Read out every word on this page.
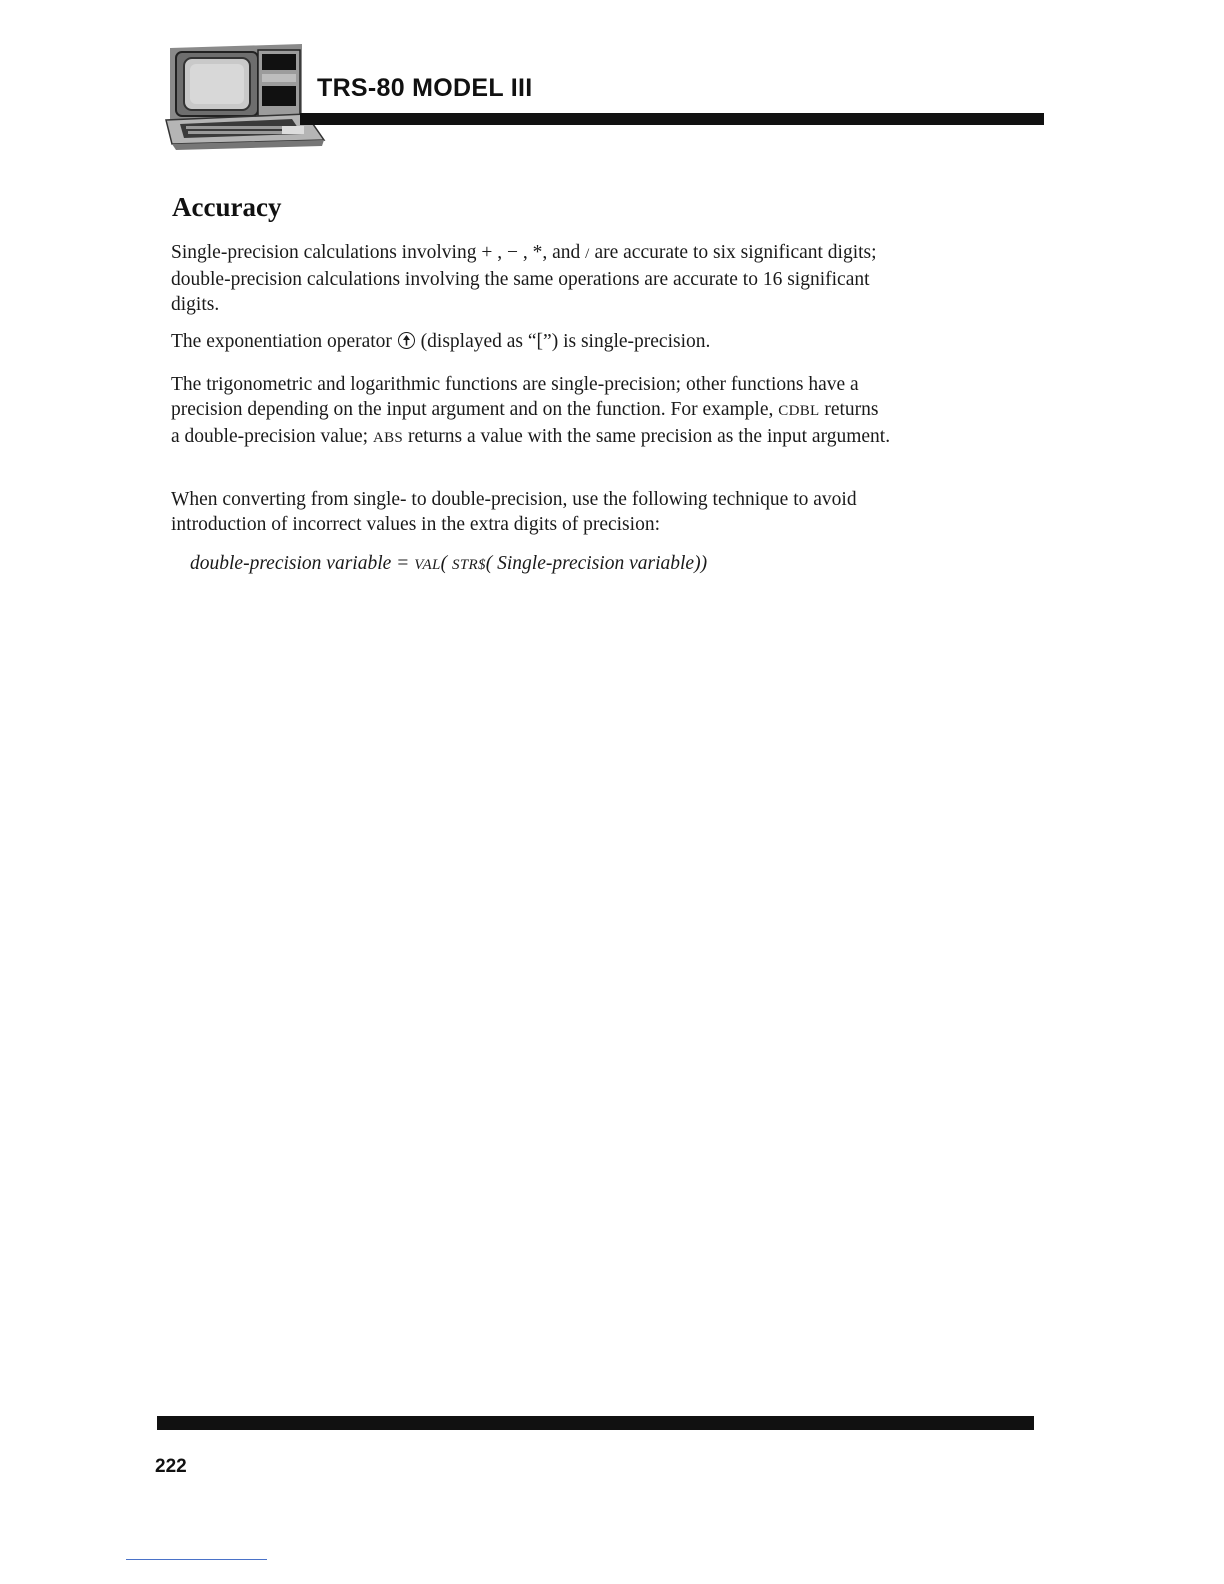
TRS-80 MODEL III
Accuracy

Single-precision calculations involving + , − , *, and / are accurate to six significant digits; double-precision calculations involving the same operations are accurate to 16 significant digits.

The exponentiation operator (displayed as “[”) is single-precision.

The trigonometric and logarithmic functions are single-precision; other functions have a precision depending on the input argument and on the function. For example, CDBL returns a double-precision value; ABS returns a value with the same precision as the input argument.

When converting from single- to double-precision, use the following technique to avoid introduction of incorrect values in the extra digits of precision:

double-precision variable = VAL( STR$( Single-precision variable))

222
